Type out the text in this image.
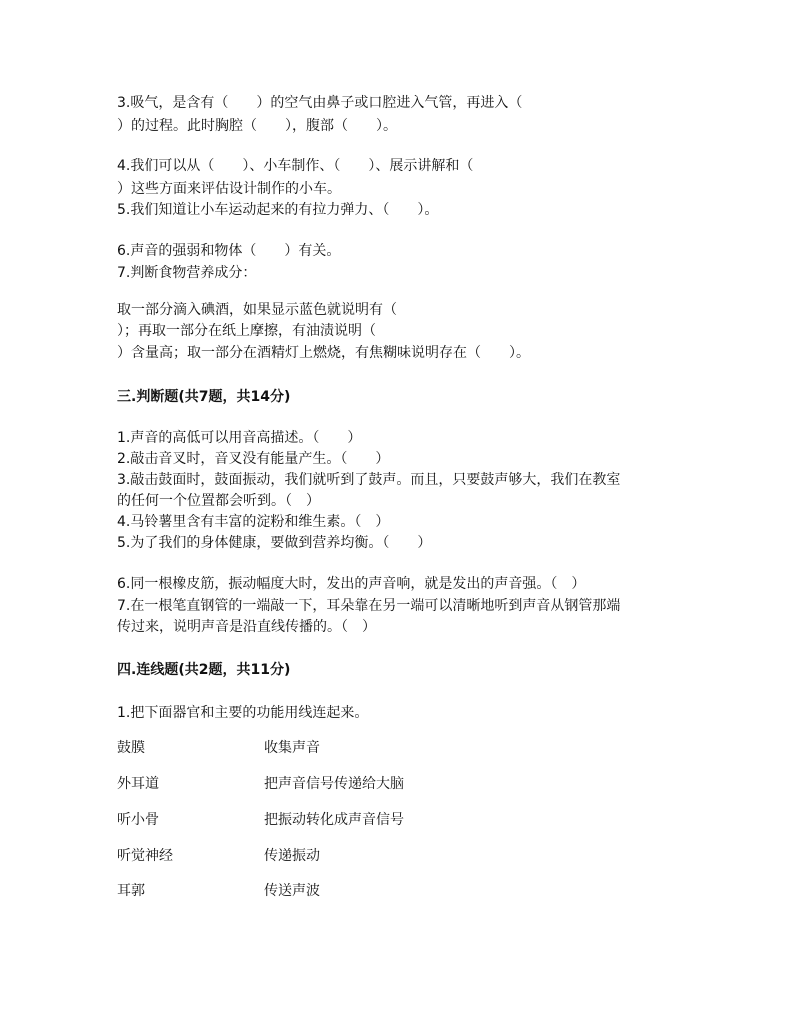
3.吸气，是含有（　　）的空气由鼻子或口腔进入气管，再进入（
）的过程。此时胸腔（　　），腹部（　　）。
4.我们可以从（　　）、小车制作、（　　）、展示讲解和（
）这些方面来评估设计制作的小车。
5.我们知道让小车运动起来的有拉力弹力、（　　）。
6.声音的强弱和物体（　　）有关。
7.判断食物营养成分：
取一部分滴入碘酒，如果显示蓝色就说明有（
）；再取一部分在纸上摩擦，有油渍说明（
）含量高；取一部分在酒精灯上燃烧，有焦糊味说明存在（　　）。
三.判断题(共7题，共14分)
1.声音的高低可以用音高描述。（　　）
2.敲击音叉时，音叉没有能量产生。（　　）
3.敲击鼓面时，鼓面振动，我们就听到了鼓声。而且，只要鼓声够大，我们在教室
的任何一个位置都会听到。（　）
4.马铃薯里含有丰富的淀粉和维生素。（　）
5.为了我们的身体健康，要做到营养均衡。（　　）
6.同一根橡皮筋，振动幅度大时，发出的声音响，就是发出的声音强。（　）
7.在一根笔直钢管的一端敲一下，耳朵靠在另一端可以清晰地听到声音从钢管那端
传过来，说明声音是沿直线传播的。（　）
四.连线题(共2题，共11分)
1.把下面器官和主要的功能用线连起来。
鼓膜	收集声音
外耳道	把声音信号传递给大脑
听小骨	把振动转化成声音信号
听觉神经	传递振动
耳郭	传送声波
